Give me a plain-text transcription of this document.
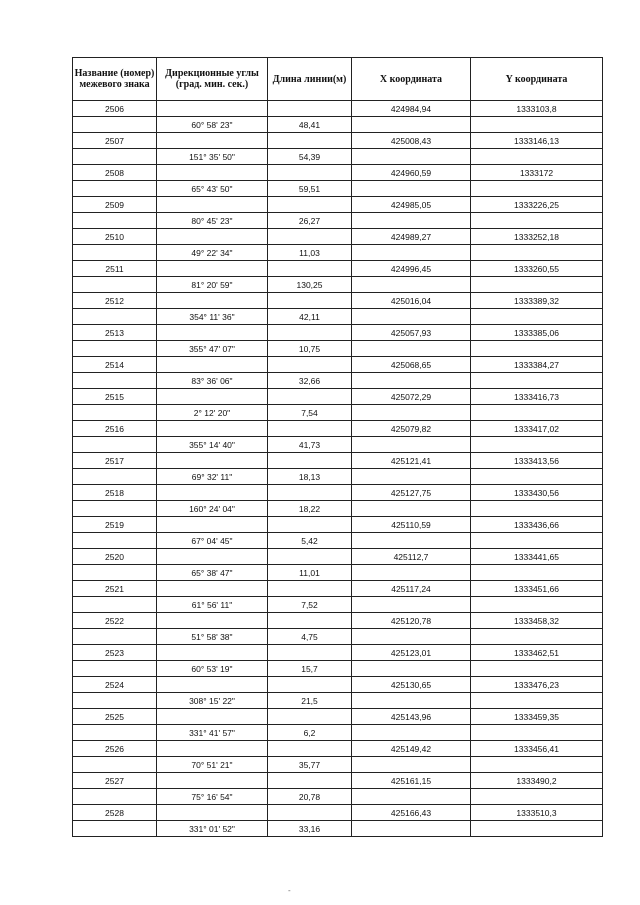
Название (номер) межевого знака	Дирекционные углы (град. мин. сек.)	Длина линии(м)	X координата	Y координата
2506			424984,94	1333103,8
	60° 58' 23"	48,41		
2507			425008,43	1333146,13
	151° 35' 50"	54,39		
2508			424960,59	1333172
	65° 43' 50"	59,51		
2509			424985,05	1333226,25
	80° 45' 23"	26,27		
2510			424989,27	1333252,18
	49° 22' 34"	11,03		
2511			424996,45	1333260,55
	81° 20' 59"	130,25		
2512			425016,04	1333389,32
	354° 11' 36"	42,11		
2513			425057,93	1333385,06
	355° 47' 07"	10,75		
2514			425068,65	1333384,27
	83° 36' 06"	32,66		
2515			425072,29	1333416,73
	2° 12' 20"	7,54		
2516			425079,82	1333417,02
	355° 14' 40"	41,73		
2517			425121,41	1333413,56
	69° 32' 11"	18,13		
2518			425127,75	1333430,56
	160° 24' 04"	18,22		
2519			425110,59	1333436,66
	67° 04' 45"	5,42		
2520			425112,7	1333441,65
	65° 38' 47"	11,01		
2521			425117,24	1333451,66
	61° 56' 11"	7,52		
2522			425120,78	1333458,32
	51° 58' 38"	4,75		
2523			425123,01	1333462,51
	60° 53' 19"	15,7		
2524			425130,65	1333476,23
	308° 15' 22"	21,5		
2525			425143,96	1333459,35
	331° 41' 57"	6,2		
2526			425149,42	1333456,41
	70° 51' 21"	35,77		
2527			425161,15	1333490,2
	75° 16' 54"	20,78		
2528			425166,43	1333510,3
	331° 01' 52"	33,16		
-
